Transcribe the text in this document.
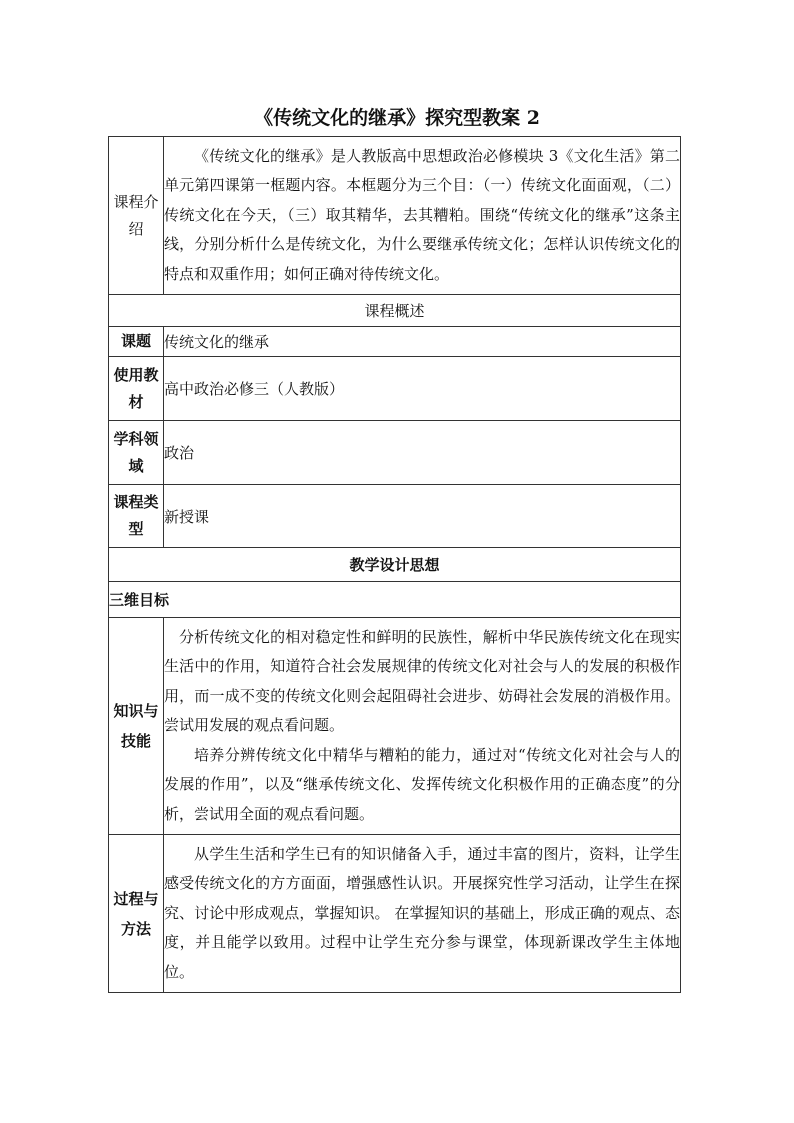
《传统文化的继承》探究型教案 2
课程介绍	《传统文化的继承》是人教版高中思想政治必修模块 3《文化生活》第二单元第四课第一框题内容。本框题分为三个目：（一）传统文化面面观，（二）传统文化在今天，（三）取其精华，去其糟粕。围绕“传统文化的继承”这条主线，分别分析什么是传统文化，为什么要继承传统文化；怎样认识传统文化的特点和双重作用；如何正确对待传统文化。

课程概述	
课题	传统文化的继承
使用教材	高中政治必修三（人教版）
学科领域	政治
课程类型	新授课
教学设计思想	
三维目标	
知识与技能	分析传统文化的相对稳定性和鲜明的民族性，解析中华民族传统文化在现实生活中的作用，知道符合社会发展规律的传统文化对社会与人的发展的积极作用，而一成不变的传统文化则会起阻碍社会进步、妨碍社会发展的消极作用。尝试用发展的观点看问题。

培养分辨传统文化中精华与糟粕的能力，通过对“传统文化对社会与人的发展的作用”，以及“继承传统文化、发挥传统文化积极作用的正确态度”的分析，尝试用全面的观点看问题。

过程与方法	从学生生活和学生已有的知识储备入手，通过丰富的图片，资料，让学生感受传统文化的方方面面，增强感性认识。开展探究性学习活动，让学生在探究、讨论中形成观点，掌握知识。 在掌握知识的基础上，形成正确的观点、态度，并且能学以致用。过程中让学生充分参与课堂，体现新课改学生主体地位。
